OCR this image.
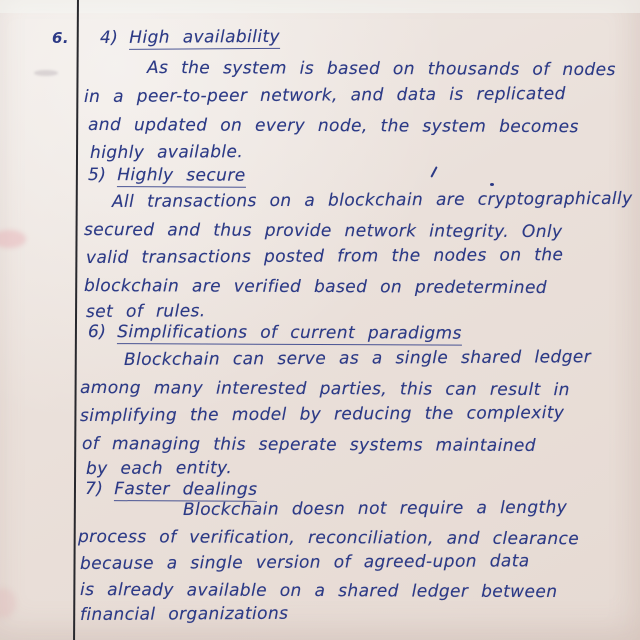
6. 4) High availability
As the system is based on thousands of nodes
in a peer-to-peer network, and data is replicated
and updated on every node, the system becomes
highly available.
5) Highly secure
All transactions on a blockchain are cryptographically
secured and thus provide network integrity. Only
valid transactions posted from the nodes on the
blockchain are verified based on predetermined
set of rules.
6) Simplifications of current paradigms
Blockchain can serve as a single shared ledger
among many interested parties, this can result in
simplifying the model by reducing the complexity
of managing this seperate systems maintained
by each entity.
7) Faster dealings
Blockchain doesn not require a lengthy
process of verification, reconciliation, and clearance
because a single version of agreed-upon data
is already available on a shared ledger between
financial organizations
